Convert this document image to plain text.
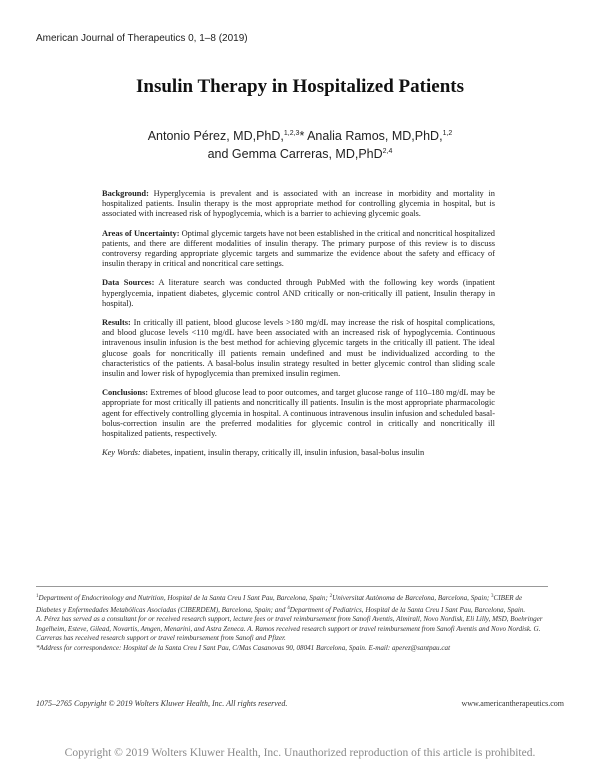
American Journal of Therapeutics 0, 1–8 (2019)
Insulin Therapy in Hospitalized Patients
Antonio Pérez, MD,PhD,$^{1,2,3}$* Analia Ramos, MD,PhD,$^{1,2}$
and Gemma Carreras, MD,PhD$^{2,4}$

Background: Hyperglycemia is prevalent and is associated with an increase in morbidity and mortality in hospitalized patients. Insulin therapy is the most appropriate method for controlling glycemia in hospital, but is associated with increased risk of hypoglycemia, which is a barrier to achieving glycemic goals.

Areas of Uncertainty: Optimal glycemic targets have not been established in the critical and noncritical hospitalized patients, and there are different modalities of insulin therapy. The primary purpose of this review is to discuss controversy regarding appropriate glycemic targets and summarize the evidence about the safety and efficacy of insulin therapy in critical and noncritical care settings.

Data Sources: A literature search was conducted through PubMed with the following key words (inpatient hyperglycemia, inpatient diabetes, glycemic control AND critically or non-critically ill patient, Insulin therapy in hospital).

Results: In critically ill patient, blood glucose levels >180 mg/dL may increase the risk of hospital complications, and blood glucose levels <110 mg/dL have been associated with an increased risk of hypoglycemia. Continuous intravenous insulin infusion is the best method for achieving glycemic targets in the critically ill patient. The ideal glucose goals for noncritically ill patients remain undefined and must be individualized according to the characteristics of the patients. A basal-bolus insulin strategy resulted in better glycemic control than sliding scale insulin and lower risk of hypoglycemia than premixed insulin regimen.

Conclusions: Extremes of blood glucose lead to poor outcomes, and target glucose range of 110–180 mg/dL may be appropriate for most critically ill patients and noncritically ill patients. Insulin is the most appropriate pharmacologic agent for effectively controlling glycemia in hospital. A continuous intravenous insulin infusion and scheduled basal-bolus-correction insulin are the preferred modalities for glycemic control in critically and noncritically ill hospitalized patients, respectively.

Key Words: diabetes, inpatient, insulin therapy, critically ill, insulin infusion, basal-bolus insulin

$^1$Department of Endocrinology and Nutrition, Hospital de la Santa Creu I Sant Pau, Barcelona, Spain; $^2$Universitat Autònoma de Barcelona, Barcelona, Spain; $^3$CIBER de Diabetes y Enfermedades Metabólicas Asociadas (CIBERDEM), Barcelona, Spain; and $^4$Department of Pediatrics, Hospital de la Santa Creu I Sant Pau, Barcelona, Spain.

A. Pérez has served as a consultant for or received research support, lecture fees or travel reimbursement from Sanofi Aventis, Almirall, Novo Nordisk, Eli Lilly, MSD, Boehringer Ingelheim, Esteve, Gilead, Novartis, Amgen, Menarini, and Astra Zeneca. A. Ramos received research support or travel reimbursement from Sanofi Aventis and Novo Nordisk. G. Carreras has received research support or travel reimbursement from Sanofi and Pfizer.

*Address for correspondence: Hospital de la Santa Creu I Sant Pau, C/Mas Casanovas 90, 08041 Barcelona, Spain. E-mail: aperez@santpau.cat

1075–2765 Copyright © 2019 Wolters Kluwer Health, Inc. All rights reserved.	www.americantherapeutics.com
Copyright © 2019 Wolters Kluwer Health, Inc. Unauthorized reproduction of this article is prohibited.
